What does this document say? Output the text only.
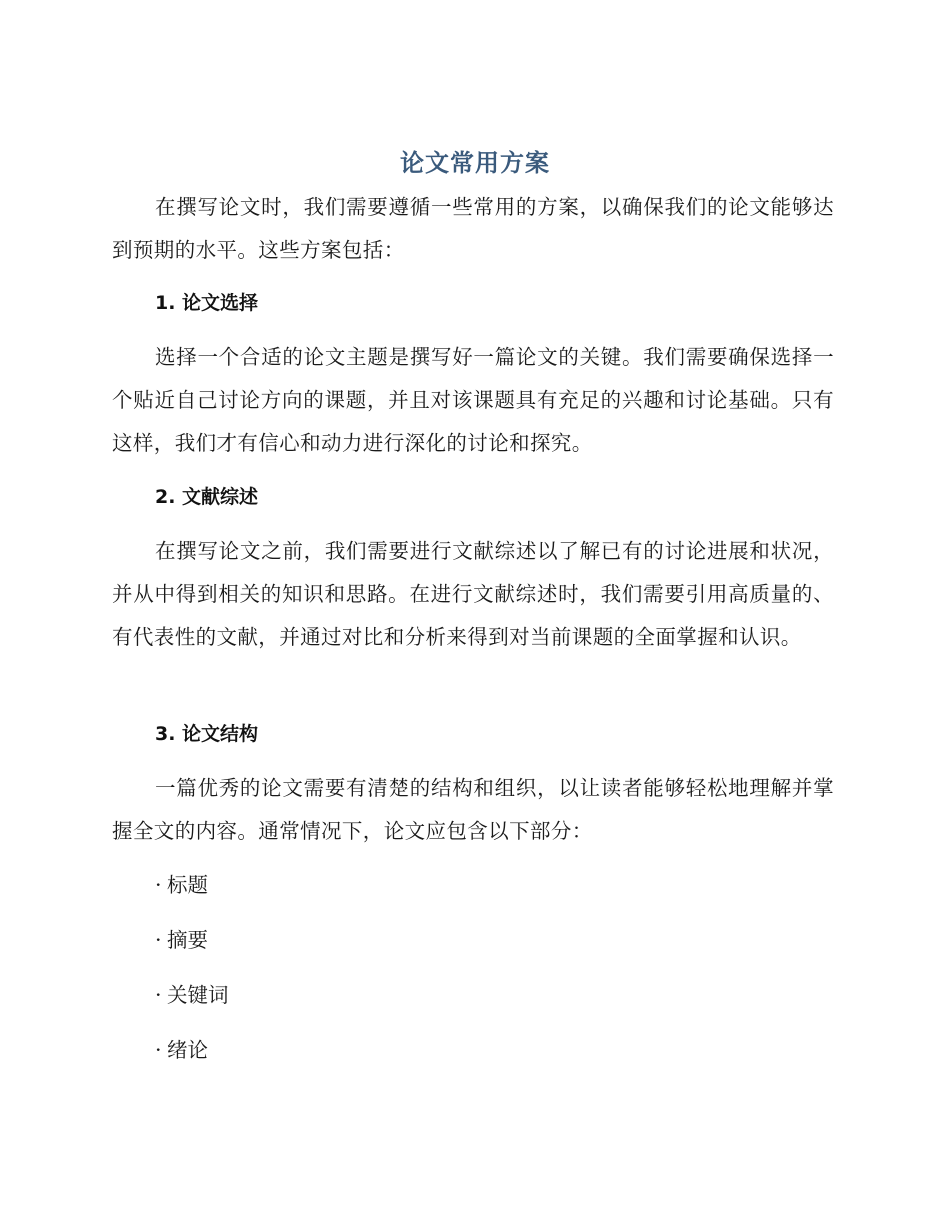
论文常用方案
在撰写论文时，我们需要遵循一些常用的方案，以确保我们的论文能够达到预期的水平。这些方案包括：
1. 论文选择
选择一个合适的论文主题是撰写好一篇论文的关键。我们需要确保选择一个贴近自己讨论方向的课题，并且对该课题具有充足的兴趣和讨论基础。只有这样，我们才有信心和动力进行深化的讨论和探究。
2. 文献综述
在撰写论文之前，我们需要进行文献综述以了解已有的讨论进展和状况，并从中得到相关的知识和思路。在进行文献综述时，我们需要引用高质量的、有代表性的文献，并通过对比和分析来得到对当前课题的全面掌握和认识。
3. 论文结构
一篇优秀的论文需要有清楚的结构和组织，以让读者能够轻松地理解并掌握全文的内容。通常情况下，论文应包含以下部分：
· 标题
· 摘要
· 关键词
· 绪论
